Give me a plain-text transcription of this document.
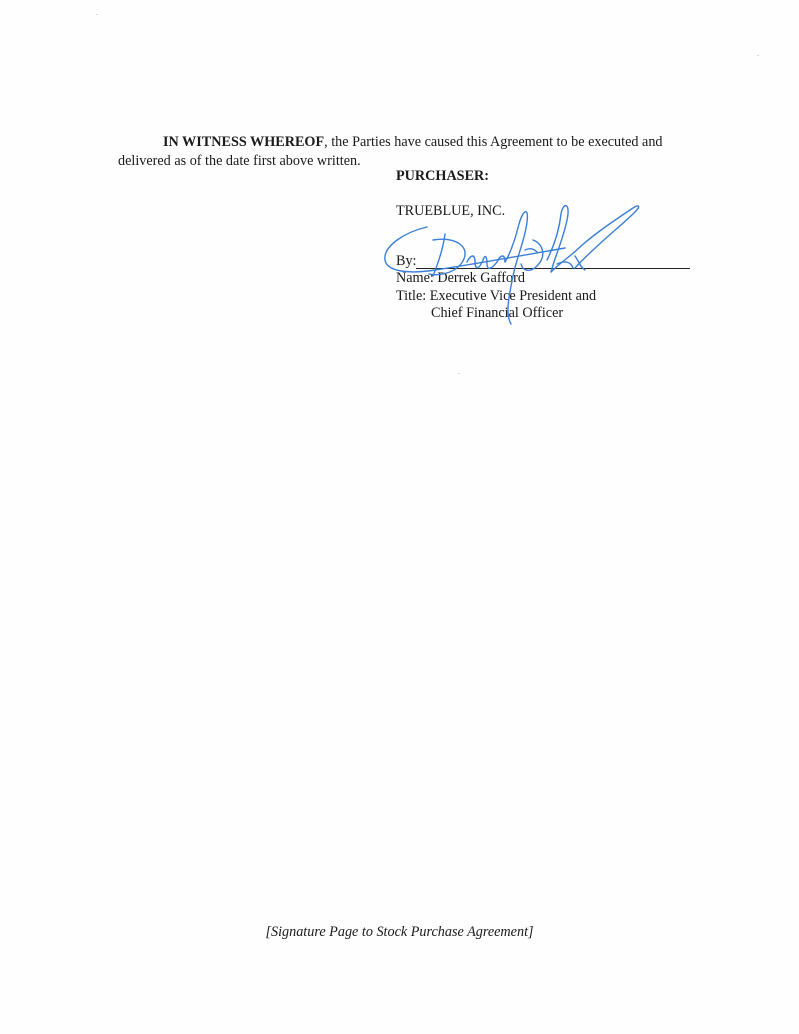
IN WITNESS WHEREOF, the Parties have caused this Agreement to be executed and delivered as of the date first above written.

PURCHASER:
TRUEBLUE, INC.
By:
Name: Derrek Gafford
Title: Executive Vice President and
Chief Financial Officer
[Signature Page to Stock Purchase Agreement]
